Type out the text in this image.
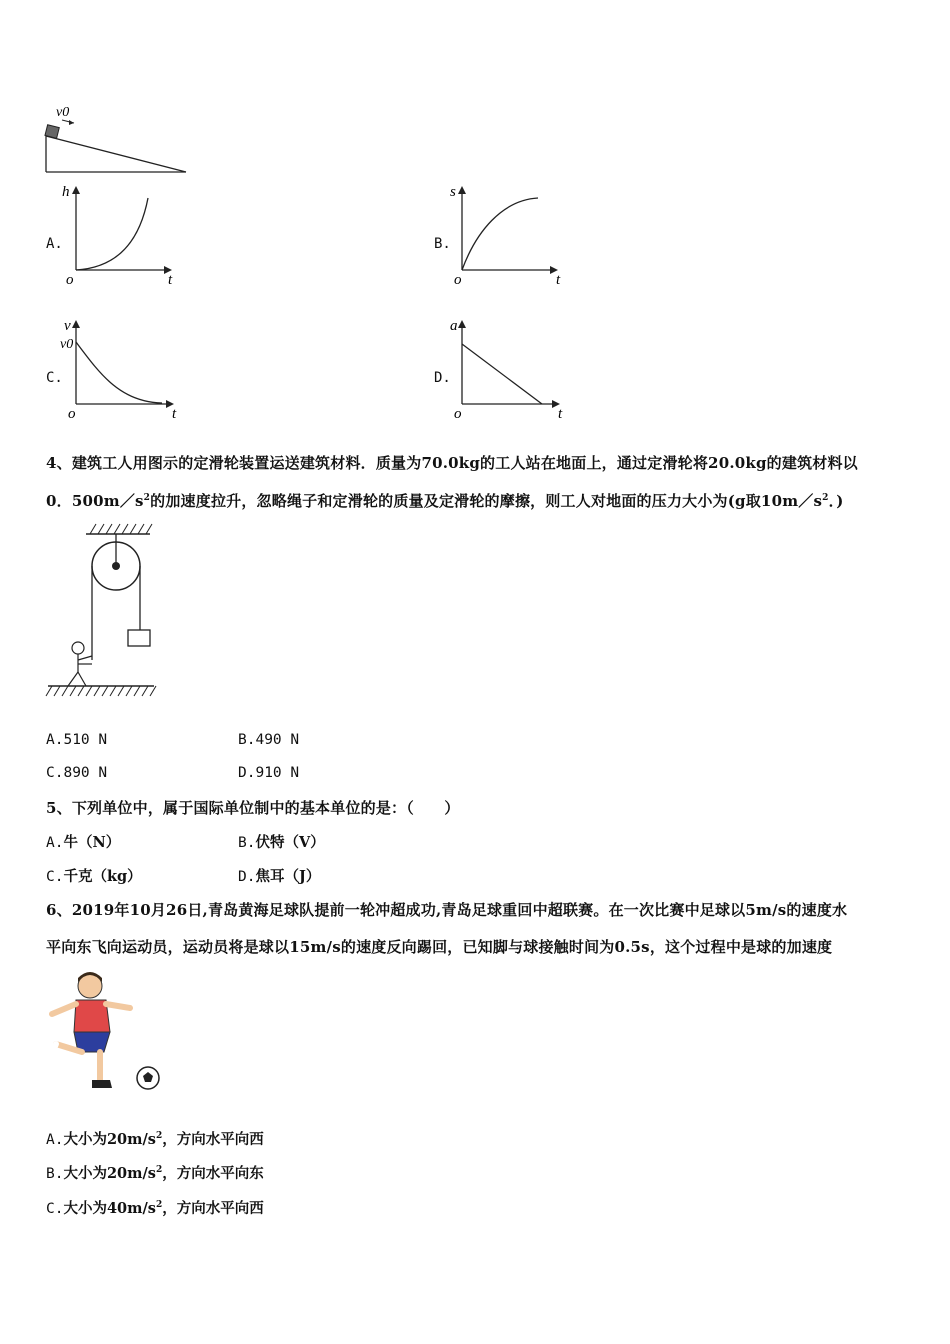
v0
A.
h
o	t
B.
s
o	t
C.
v
v0
o	t
D.
a
o	t
4、建筑工人用图示的定滑轮装置运送建筑材料．质量为70.0kg的工人站在地面上，通过定滑轮将20.0kg的建筑材料以
0．$500m/s^2$的加速度拉升，忽略绳子和定滑轮的质量及定滑轮的摩擦，则工人对地面的压力大小为(g取$10m/s^2$．)
A.510 N	B.490 N
C.890 N	D.910 N
5、下列单位中，属于国际单位制中的基本单位的是：（　　）
A.牛（N）	B.伏特（V）
C.千克（kg）	D.焦耳（J）
6、2019年10月26日,青岛黄海足球队提前一轮冲超成功,青岛足球重回中超联赛。在一次比赛中足球以5m/s的速度水
平向东飞向运动员，运动员将是球以15m/s的速度反向踢回，已知脚与球接触时间为0.5s，这个过程中是球的加速度
A.大小为$20m/s^2$，方向水平向西
B.大小为$20m/s^2$，方向水平向东
C.大小为$40m/s^2$，方向水平向西
